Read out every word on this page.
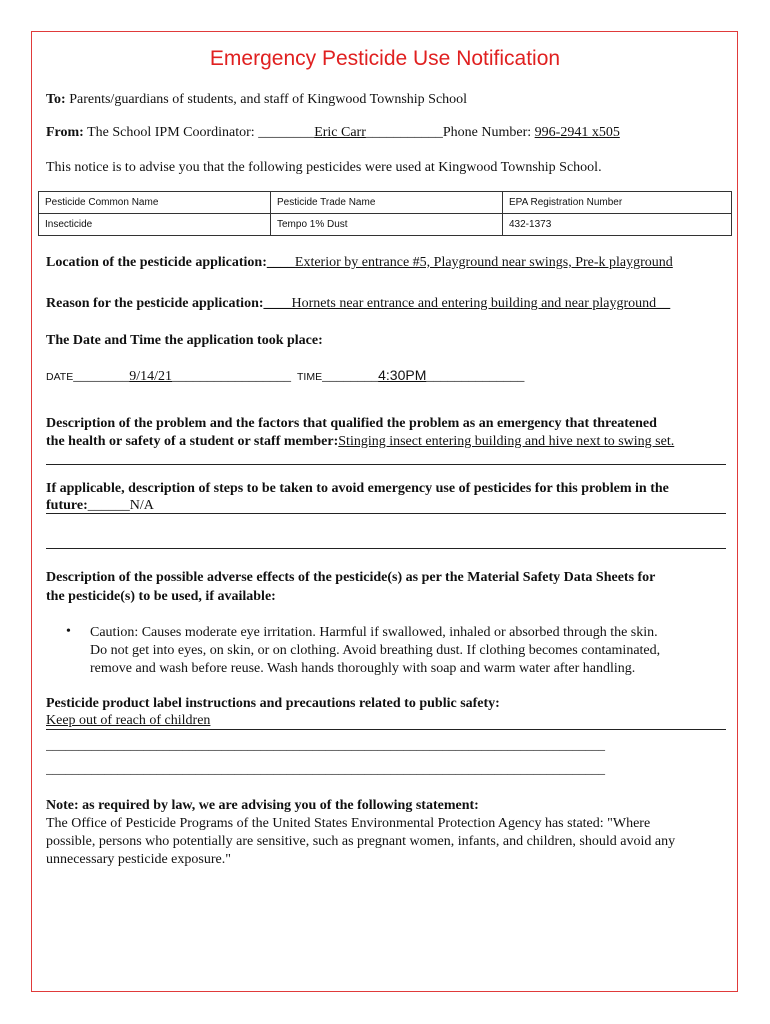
Emergency Pesticide Use Notification
To: Parents/guardians of students, and staff of Kingwood Township School
From: The School IPM Coordinator: ________Eric Carr___________Phone Number: 996-2941 x505
This notice is to advise you that the following pesticides were used at Kingwood Township School.
Pesticide Common Name	Pesticide Trade Name	EPA Registration Number
Insecticide	Tempo 1% Dust	432-1373
Location of the pesticide application:____Exterior by entrance #5, Playground near swings, Pre-k playground
Reason for the pesticide application:____Hornets near entrance and entering building and near playground__
The Date and Time the application took place:
DATE________9/14/21_________________ TIME________4:30PM______________
Description of the problem and the factors that qualified the problem as an emergency that threatened
the health or safety of a student or staff member:Stinging insect entering building and hive next to swing set.
If applicable, description of steps to be taken to avoid emergency use of pesticides for this problem in the
future:______N/A
Description of the possible adverse effects of the pesticide(s) as per the Material Safety Data Sheets for
the pesticide(s) to be used, if available:
• Caution: Causes moderate eye irritation. Harmful if swallowed, inhaled or absorbed through the skin.
Do not get into eyes, on skin, or on clothing. Avoid breathing dust. If clothing becomes contaminated,
remove and wash before reuse. Wash hands thoroughly with soap and warm water after handling.
Pesticide product label instructions and precautions related to public safety:
Keep out of reach of children
______________________________________________________________________________________
______________________________________________________________________________________
Note: as required by law, we are advising you of the following statement:
The Office of Pesticide Programs of the United States Environmental Protection Agency has stated: "Where
possible, persons who potentially are sensitive, such as pregnant women, infants, and children, should avoid any
unnecessary pesticide exposure."
